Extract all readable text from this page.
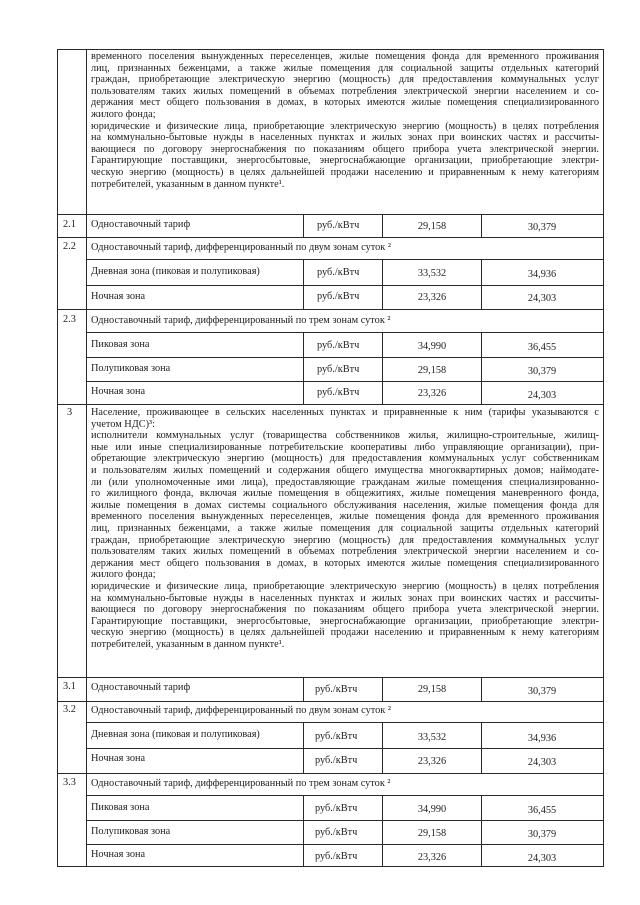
временного поселения вынужденных переселенцев, жилые помещения фонда для временного проживания
лиц, признанных беженцами, а также жилые помещения для социальной защиты отдельных категорий
граждан, приобретающие электрическую энергию (мощность) для предоставления коммунальных услуг
пользователям таких жилых помещений в объемах потребления электрической энергии населением и со-
держания мест общего пользования в домах, в которых имеются жилые помещения специализированного
жилого фонда;
юридические и физические лица, приобретающие электрическую энергию (мощность) в целях потребления
на коммунально-бытовые нужды в населенных пунктах и жилых зонах при воинских частях и рассчиты-
вающиеся по договору энергоснабжения по показаниям общего прибора учета электрической энергии.
Гарантирующие поставщики, энергосбытовые, энергоснабжающие организации, приобретающие электри-
ческую энергию (мощность) в целях дальнейшей продажи населению и приравненным к нему категориям
потребителей, указанным в данном пункте¹.
2.1 Одноставочный тариф	руб./кВтч	29,158	30,379
2.2 Одноставочный тариф, дифференцированный по двум зонам суток ²
Дневная зона (пиковая и полупиковая)	руб./кВтч	33,532	34,936
Ночная зона	руб./кВтч	23,326	24,303
2.3 Одноставочный тариф, дифференцированный по трем зонам суток ²
Пиковая зона	руб./кВтч	34,990	36,455
Полупиковая зона	руб./кВтч	29,158	30,379
Ночная зона	руб./кВтч	23,326	24,303
3 Население, проживающее в сельских населенных пунктах и приравненные к ним (тарифы указываются с
учетом НДС)³:
исполнители коммунальных услуг (товарищества собственников жилья, жилищно-строительные, жилищ-
ные или иные специализированные потребительские кооперативы либо управляющие организации), при-
обретающие электрическую энергию (мощность) для предоставления коммунальных услуг собственникам
и пользователям жилых помещений и содержания общего имущества многоквартирных домов; наймодате-
ли (или уполномоченные ими лица), предоставляющие гражданам жилые помещения специализированно-
го жилищного фонда, включая жилые помещения в общежитиях, жилые помещения маневренного фонда,
жилые помещения в домах системы социального обслуживания населения, жилые помещения фонда для
временного поселения вынужденных переселенцев, жилые помещения фонда для временного проживания
лиц, признанных беженцами, а также жилые помещения для социальной защиты отдельных категорий
граждан, приобретающие электрическую энергию (мощность) для предоставления коммунальных услуг
пользователям таких жилых помещений в объемах потребления электрической энергии населением и со-
держания мест общего пользования в домах, в которых имеются жилые помещения специализированного
жилого фонда;
юридические и физические лица, приобретающие электрическую энергию (мощность) в целях потребления
на коммунально-бытовые нужды в населенных пунктах и жилых зонах при воинских частях и рассчиты-
вающиеся по договору энергоснабжения по показаниям общего прибора учета электрической энергии.
Гарантирующие поставщики, энергосбытовые, энергоснабжающие организации, приобретающие электри-
ческую энергию (мощность) в целях дальнейшей продажи населению и приравненным к нему категориям
потребителей, указанным в данном пункте¹.
3.1 Одноставочный тариф	руб./кВтч	29,158	30,379
3.2 Одноставочный тариф, дифференцированный по двум зонам суток ²
Дневная зона (пиковая и полупиковая)	руб./кВтч	33,532	34,936
Ночная зона	руб./кВтч	23,326	24,303
3.3 Одноставочный тариф, дифференцированный по трем зонам суток ²
Пиковая зона	руб./кВтч	34,990	36,455
Полупиковая зона	руб./кВтч	29,158	30,379
Ночная зона	руб./кВтч	23,326	24,303
